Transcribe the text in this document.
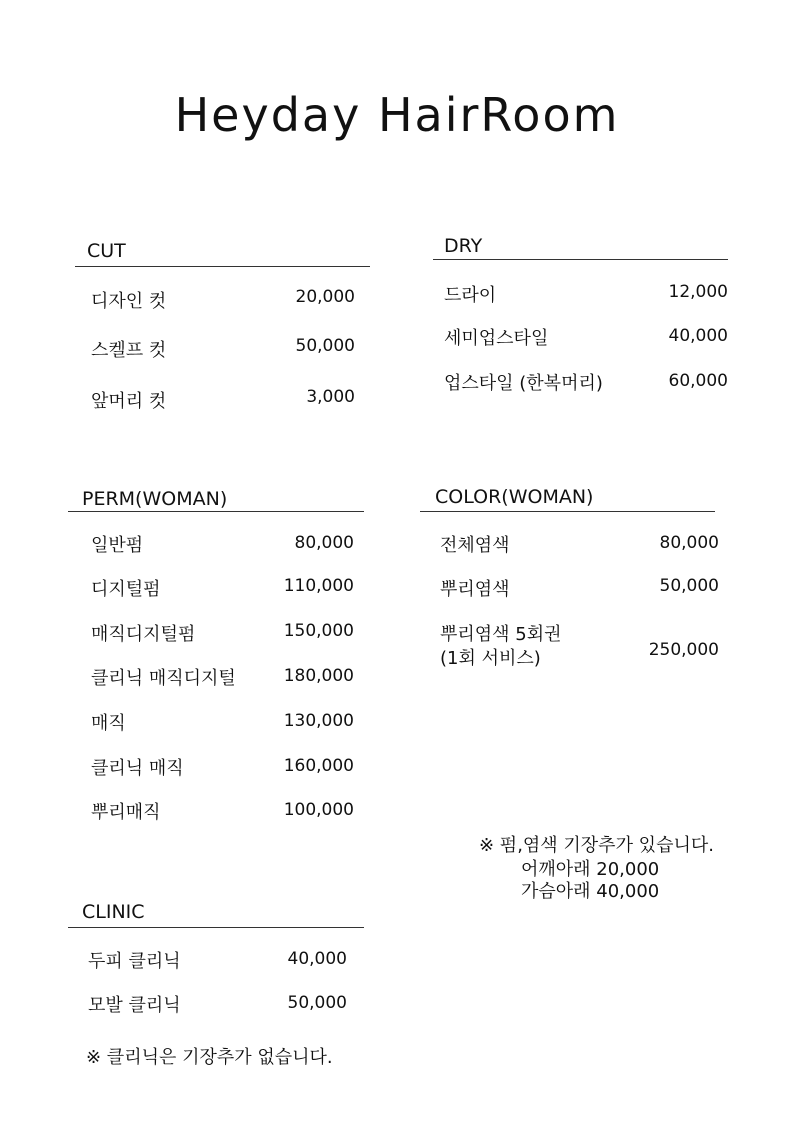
Heyday HairRoom
CUT
디자인 컷	20,000
스켈프 컷	50,000
앞머리 컷	3,000
DRY
드라이	12,000
세미업스타일	40,000
업스타일 (한복머리)	60,000
PERM(WOMAN)
일반펌	80,000
디지털펌	110,000
매직디지털펌	150,000
클리닉 매직디지털	180,000
매직	130,000
클리닉 매직	160,000
뿌리매직	100,000
COLOR(WOMAN)
전체염색	80,000
뿌리염색	50,000
뿌리염색 5회권
(1회 서비스)	250,000
※ 펌,염색 기장추가 있습니다.
어깨아래 20,000
가슴아래 40,000
CLINIC
두피 클리닉	40,000
모발 클리닉	50,000
※ 클리닉은 기장추가 없습니다.
